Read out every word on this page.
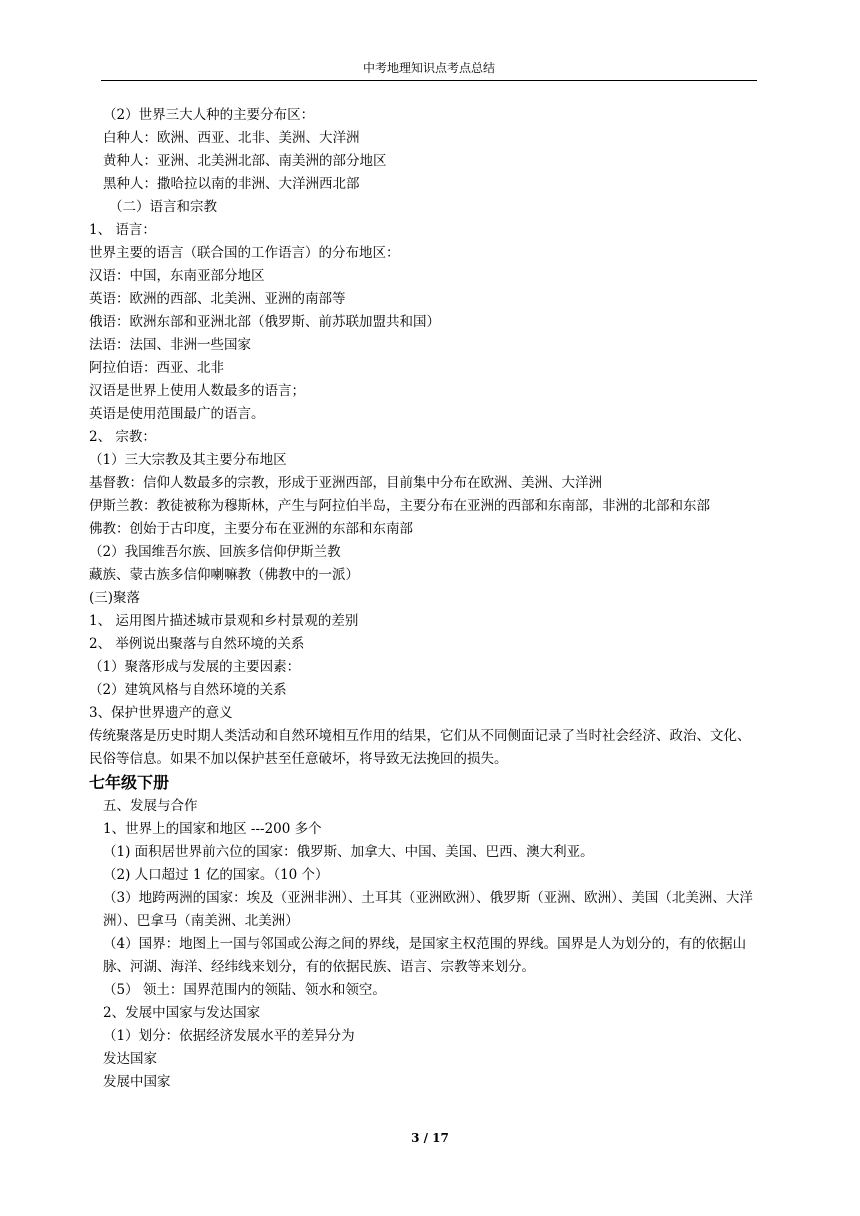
中考地理知识点考点总结
（2）世界三大人种的主要分布区：
白种人：欧洲、西亚、北非、美洲、大洋洲
黄种人：亚洲、北美洲北部、南美洲的部分地区
黑种人：撒哈拉以南的非洲、大洋洲西北部
（二）语言和宗教
1、 语言：
世界主要的语言（联合国的工作语言）的分布地区：
汉语：中国，东南亚部分地区
英语：欧洲的西部、北美洲、亚洲的南部等
俄语：欧洲东部和亚洲北部（俄罗斯、前苏联加盟共和国）
法语：法国、非洲一些国家
阿拉伯语：西亚、北非
汉语是世界上使用人数最多的语言；
英语是使用范围最广的语言。
2、 宗教：
（1）三大宗教及其主要分布地区
基督教：信仰人数最多的宗教，形成于亚洲西部，目前集中分布在欧洲、美洲、大洋洲
伊斯兰教：教徒被称为穆斯林，产生与阿拉伯半岛，主要分布在亚洲的西部和东南部，非洲的北部和东部
佛教：创始于古印度，主要分布在亚洲的东部和东南部
（2）我国维吾尔族、回族多信仰伊斯兰教
藏族、蒙古族多信仰喇嘛教（佛教中的一派）
(三)聚落
1、 运用图片描述城市景观和乡村景观的差别
2、 举例说出聚落与自然环境的关系
（1）聚落形成与发展的主要因素：
（2）建筑风格与自然环境的关系
3、保护世界遗产的意义
传统聚落是历史时期人类活动和自然环境相互作用的结果，它们从不同侧面记录了当时社会经济、政治、文化、民俗等信息。如果不加以保护甚至任意破坏，将导致无法挽回的损失。
七年级下册
五、发展与合作
1、世界上的国家和地区 ---200 多个
（1) 面积居世界前六位的国家：俄罗斯、加拿大、中国、美国、巴西、澳大利亚。
（2) 人口超过 1 亿的国家。（10 个）
（3）地跨两洲的国家：埃及（亚洲非洲）、土耳其（亚洲欧洲）、俄罗斯（亚洲、欧洲）、美国（北美洲、大洋洲）、巴拿马（南美洲、北美洲）
（4）国界：地图上一国与邻国或公海之间的界线，是国家主权范围的界线。国界是人为划分的，有的依据山脉、河湖、海洋、经纬线来划分，有的依据民族、语言、宗教等来划分。
（5） 领土：国界范围内的领陆、领水和领空。
2、发展中国家与发达国家
（1）划分：依据经济发展水平的差异分为
发达国家
发展中国家
3 / 17
